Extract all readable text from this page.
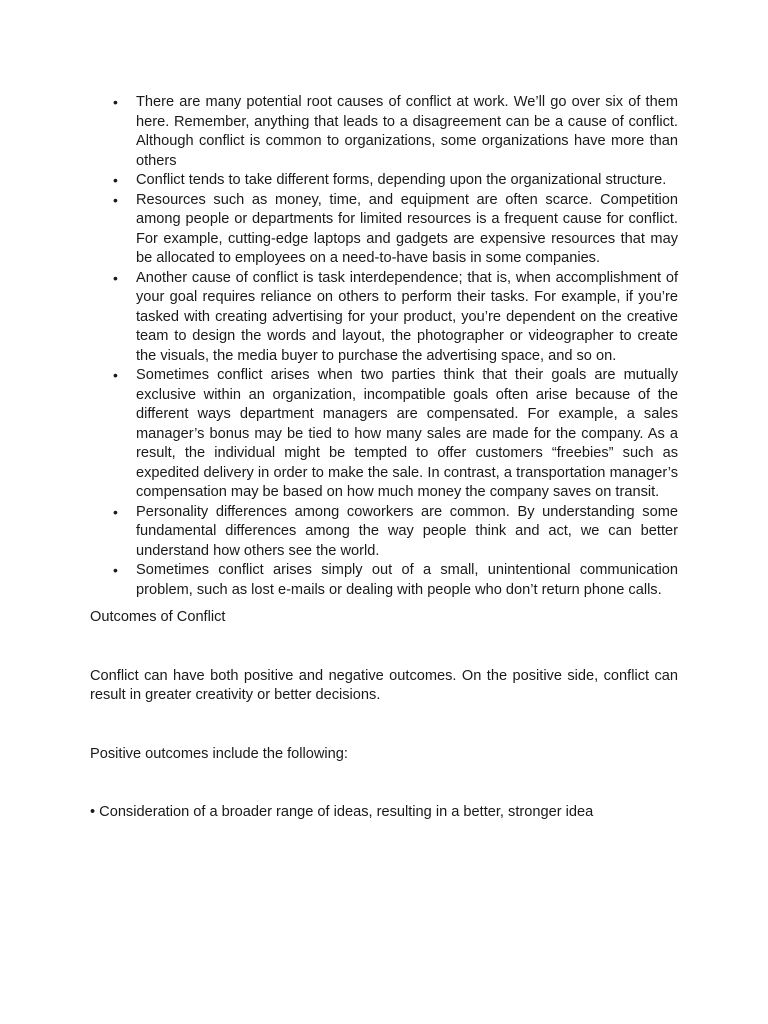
• There are many potential root causes of conflict at work. We’ll go over six of them here. Remember, anything that leads to a disagreement can be a cause of conflict. Although conflict is common to organizations, some organizations have more than others
• Conflict tends to take different forms, depending upon the organizational structure.
• Resources such as money, time, and equipment are often scarce. Competition among people or departments for limited resources is a frequent cause for conflict. For example, cutting-edge laptops and gadgets are expensive resources that may be allocated to employees on a need-to-have basis in some companies.
• Another cause of conflict is task interdependence; that is, when accomplishment of your goal requires reliance on others to perform their tasks. For example, if you’re tasked with creating advertising for your product, you’re dependent on the creative team to design the words and layout, the photographer or videographer to create the visuals, the media buyer to purchase the advertising space, and so on.
• Sometimes conflict arises when two parties think that their goals are mutually exclusive within an organization, incompatible goals often arise because of the different ways department managers are compensated. For example, a sales manager’s bonus may be tied to how many sales are made for the company. As a result, the individual might be tempted to offer customers “freebies” such as expedited delivery in order to make the sale. In contrast, a transportation manager’s compensation may be based on how much money the company saves on transit.
• Personality differences among coworkers are common. By understanding some fundamental differences among the way people think and act, we can better understand how others see the world.
• Sometimes conflict arises simply out of a small, unintentional communication problem, such as lost e-mails or dealing with people who don’t return phone calls.

Outcomes of Conflict

Conflict can have both positive and negative outcomes. On the positive side, conflict can result in greater creativity or better decisions.

Positive outcomes include the following:

• Consideration of a broader range of ideas, resulting in a better, stronger idea
